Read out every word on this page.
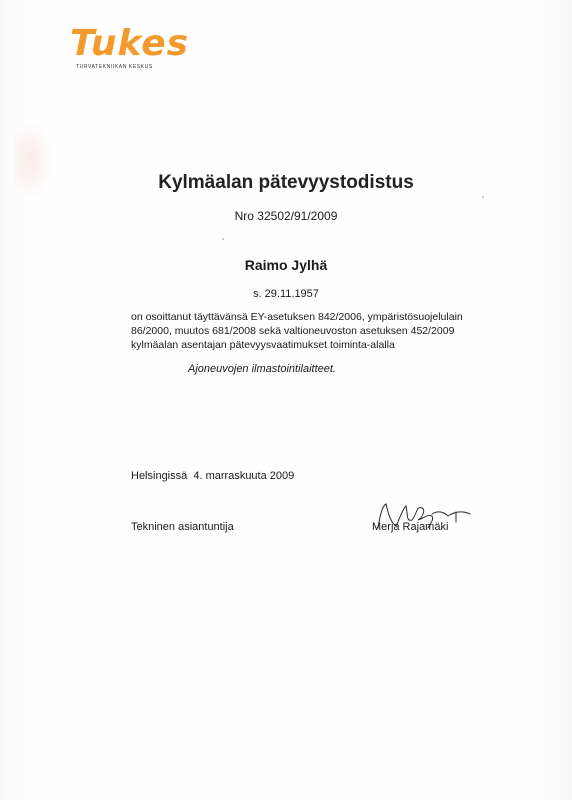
Tukes
TURVATEKNIIKAN KESKUS
Kylmäalan pätevyystodistus
Nro 32502/91/2009
Raimo Jylhä
s. 29.11.1957
on osoittanut täyttävänsä EY-asetuksen 842/2006, ympäristösuojelulain
86/2000, muutos 681/2008 sekä valtioneuvoston asetuksen 452/2009
kylmäalan asentajan pätevyysvaatimukset toiminta-alalla
Ajoneuvojen ilmastointilaitteet.
Helsingissä  4. marraskuuta 2009
Tekninen asiantuntija	Merja Rajamäki
